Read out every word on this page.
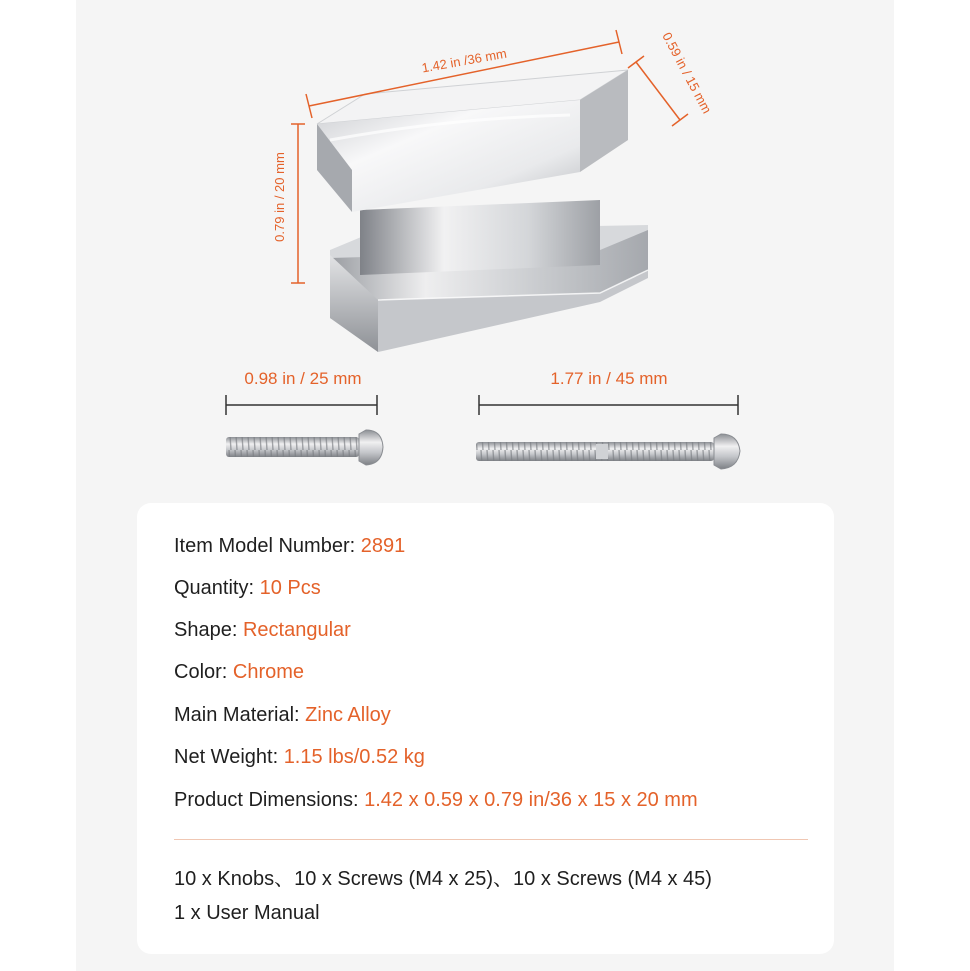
1.42 in /36 mm	0.59 in / 15 mm
0.79 in / 20 mm
0.98 in / 25 mm	1.77 in / 45 mm
Item Model Number: 2891
Quantity: 10 Pcs
Shape: Rectangular
Color: Chrome
Main Material: Zinc Alloy
Net Weight: 1.15 lbs/0.52 kg
Product Dimensions: 1.42 x 0.59 x 0.79 in/36 x 15 x 20 mm
10 x Knobs、10 x Screws (M4 x 25)、10 x Screws (M4 x 45)
1 x User Manual
